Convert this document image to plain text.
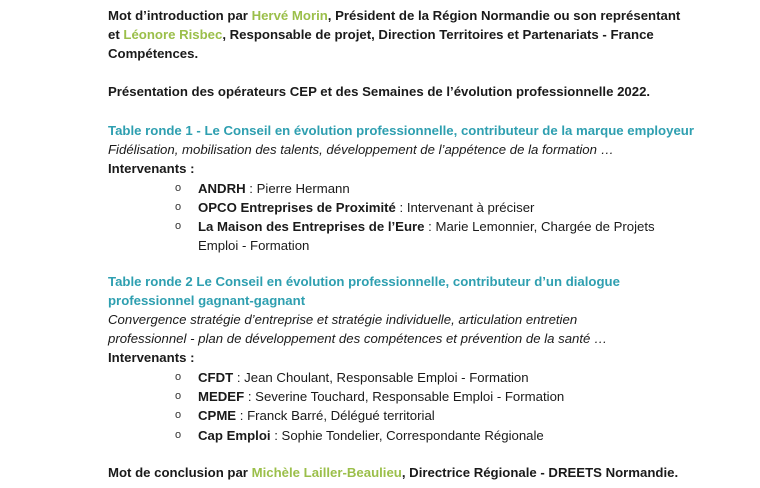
Mot d’introduction par Hervé Morin, Président de la Région Normandie ou son représentant
et Léonore Risbec, Responsable de projet, Direction Territoires et Partenariats - France
Compétences.
Présentation des opérateurs CEP et des Semaines de l’évolution professionnelle 2022.
Table ronde 1 - Le Conseil en évolution professionnelle, contributeur de la marque employeur
Fidélisation, mobilisation des talents, développement de l’appétence de la formation …
Intervenants :
o ANDRH : Pierre Hermann
o OPCO Entreprises de Proximité : Intervenant à préciser
o La Maison des Entreprises de l’Eure : Marie Lemonnier, Chargée de Projets
Emploi - Formation
Table ronde 2 Le Conseil en évolution professionnelle, contributeur d’un dialogue
professionnel gagnant-gagnant
Convergence stratégie d’entreprise et stratégie individuelle, articulation entretien
professionnel - plan de développement des compétences et prévention de la santé …
Intervenants :
o CFDT : Jean Choulant, Responsable Emploi - Formation
o MEDEF : Severine Touchard, Responsable Emploi - Formation
o CPME : Franck Barré, Délégué territorial
o Cap Emploi : Sophie Tondelier, Correspondante Régionale
Mot de conclusion par Michèle Lailler-Beaulieu, Directrice Régionale - DREETS Normandie.
